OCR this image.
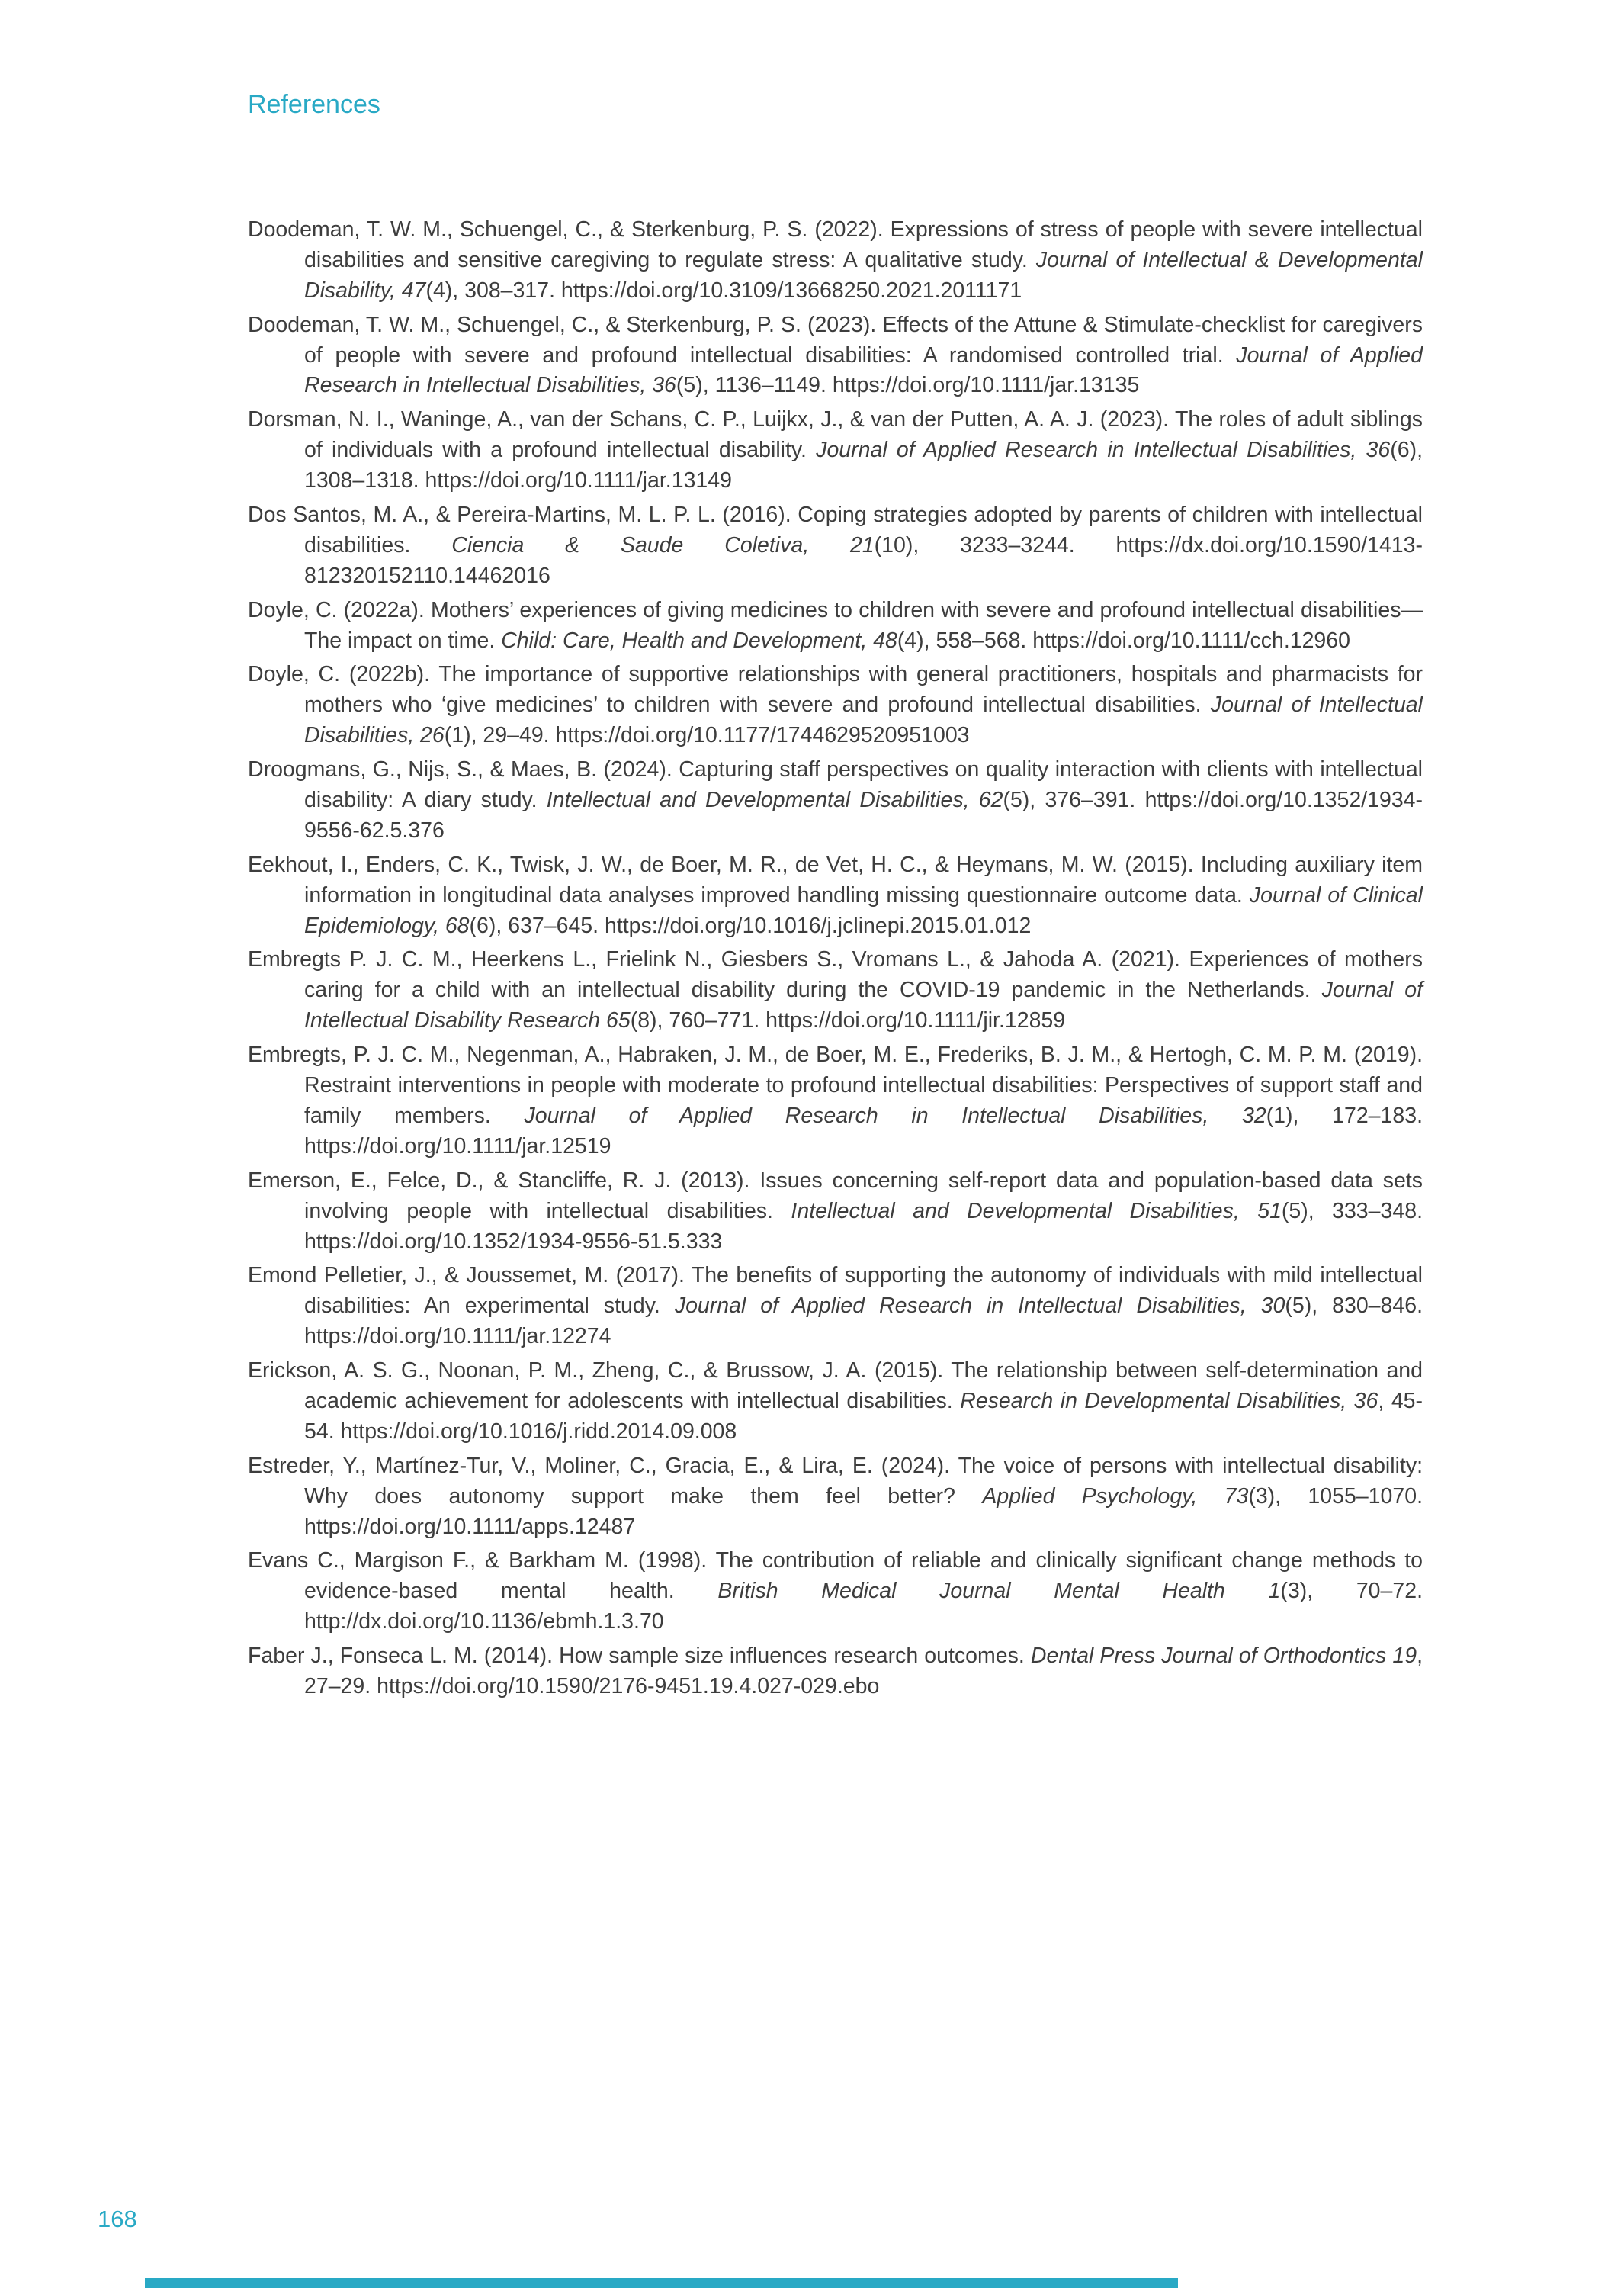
References

Doodeman, T. W. M., Schuengel, C., & Sterkenburg, P. S. (2022). Expressions of stress of people with severe intellectual disabilities and sensitive caregiving to regulate stress: A qualitative study. Journal of Intellectual & Developmental Disability, 47(4), 308–317. https://doi.org/10.3109/13668250.2021.2011171

Doodeman, T. W. M., Schuengel, C., & Sterkenburg, P. S. (2023). Effects of the Attune & Stimulate-checklist for caregivers of people with severe and profound intellectual disabilities: A randomised controlled trial. Journal of Applied Research in Intellectual Disabilities, 36(5), 1136–1149. https://doi.org/10.1111/jar.13135

Dorsman, N. I., Waninge, A., van der Schans, C. P., Luijkx, J., & van der Putten, A. A. J. (2023). The roles of adult siblings of individuals with a profound intellectual disability. Journal of Applied Research in Intellectual Disabilities, 36(6), 1308–1318. https://doi.org/10.1111/jar.13149

Dos Santos, M. A., & Pereira-Martins, M. L. P. L. (2016). Coping strategies adopted by parents of children with intellectual disabilities. Ciencia & Saude Coletiva, 21(10), 3233–3244. https://dx.doi.org/10.1590/1413-812320152110.14462016

Doyle, C. (2022a). Mothers’ experiences of giving medicines to children with severe and profound intellectual disabilities—The impact on time. Child: Care, Health and Development, 48(4), 558–568. https://doi.org/10.1111/cch.12960

Doyle, C. (2022b). The importance of supportive relationships with general practitioners, hospitals and pharmacists for mothers who ‘give medicines’ to children with severe and profound intellectual disabilities. Journal of Intellectual Disabilities, 26(1), 29–49. https://doi.org/10.1177/1744629520951003

Droogmans, G., Nijs, S., & Maes, B. (2024). Capturing staff perspectives on quality interaction with clients with intellectual disability: A diary study. Intellectual and Developmental Disabilities, 62(5), 376–391. https://doi.org/10.1352/1934-9556-62.5.376

Eekhout, I., Enders, C. K., Twisk, J. W., de Boer, M. R., de Vet, H. C., & Heymans, M. W. (2015). Including auxiliary item information in longitudinal data analyses improved handling missing questionnaire outcome data. Journal of Clinical Epidemiology, 68(6), 637–645. https://doi.org/10.1016/j.jclinepi.2015.01.012

Embregts P. J. C. M., Heerkens L., Frielink N., Giesbers S., Vromans L., & Jahoda A. (2021). Experiences of mothers caring for a child with an intellectual disability during the COVID-19 pandemic in the Netherlands. Journal of Intellectual Disability Research 65(8), 760–771. https://doi.org/10.1111/jir.12859

Embregts, P. J. C. M., Negenman, A., Habraken, J. M., de Boer, M. E., Frederiks, B. J. M., & Hertogh, C. M. P. M. (2019). Restraint interventions in people with moderate to profound intellectual disabilities: Perspectives of support staff and family members. Journal of Applied Research in Intellectual Disabilities, 32(1), 172–183. https://doi.org/10.1111/jar.12519

Emerson, E., Felce, D., & Stancliffe, R. J. (2013). Issues concerning self-report data and population-based data sets involving people with intellectual disabilities. Intellectual and Developmental Disabilities, 51(5), 333–348. https://doi.org/10.1352/1934-9556-51.5.333

Emond Pelletier, J., & Joussemet, M. (2017). The benefits of supporting the autonomy of individuals with mild intellectual disabilities: An experimental study. Journal of Applied Research in Intellectual Disabilities, 30(5), 830–846. https://doi.org/10.1111/jar.12274

Erickson, A. S. G., Noonan, P. M., Zheng, C., & Brussow, J. A. (2015). The relationship between self-determination and academic achievement for adolescents with intellectual disabilities. Research in Developmental Disabilities, 36, 45-54. https://doi.org/10.1016/j.ridd.2014.09.008

Estreder, Y., Martínez-Tur, V., Moliner, C., Gracia, E., & Lira, E. (2024). The voice of persons with intellectual disability: Why does autonomy support make them feel better? Applied Psychology, 73(3), 1055–1070. https://doi.org/10.1111/apps.12487

Evans C., Margison F., & Barkham M. (1998). The contribution of reliable and clinically significant change methods to evidence-based mental health. British Medical Journal Mental Health 1(3), 70–72. http://dx.doi.org/10.1136/ebmh.1.3.70

Faber J., Fonseca L. M. (2014). How sample size influences research outcomes. Dental Press Journal of Orthodontics 19, 27–29. https://doi.org/10.1590/2176-9451.19.4.027-029.ebo

168
